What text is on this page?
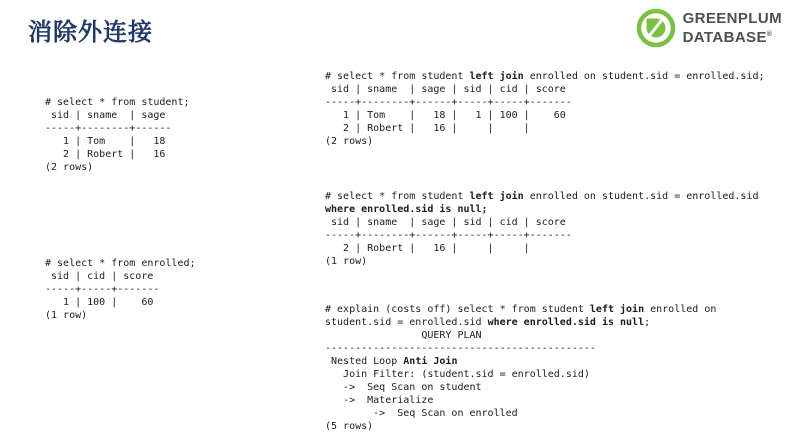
消除外连接
GREENPLUM
DATABASE®
# select * from student;
sid | sname  | sage
-----+--------+------
1 | Tom    |   18
2 | Robert |   16
(2 rows)
# select * from enrolled;
sid | cid | score
-----+-----+-------
1 | 100 |    60
(1 row)
# select * from student left join enrolled on student.sid = enrolled.sid;
sid | sname  | sage | sid | cid | score
-----+--------+------+-----+-----+-------
1 | Tom    |   18 |   1 | 100 |    60
2 | Robert |   16 |     |     |
(2 rows)
# select * from student left join enrolled on student.sid = enrolled.sid
where enrolled.sid is null;
sid | sname  | sage | sid | cid | score
-----+--------+------+-----+-----+-------
2 | Robert |   16 |     |     |
(1 row)
# explain (costs off) select * from student left join enrolled on
student.sid = enrolled.sid where enrolled.sid is null;
QUERY PLAN
---------------------------------------------
Nested Loop Anti Join
Join Filter: (student.sid = enrolled.sid)
->  Seq Scan on student
->  Materialize
->  Seq Scan on enrolled
(5 rows)
